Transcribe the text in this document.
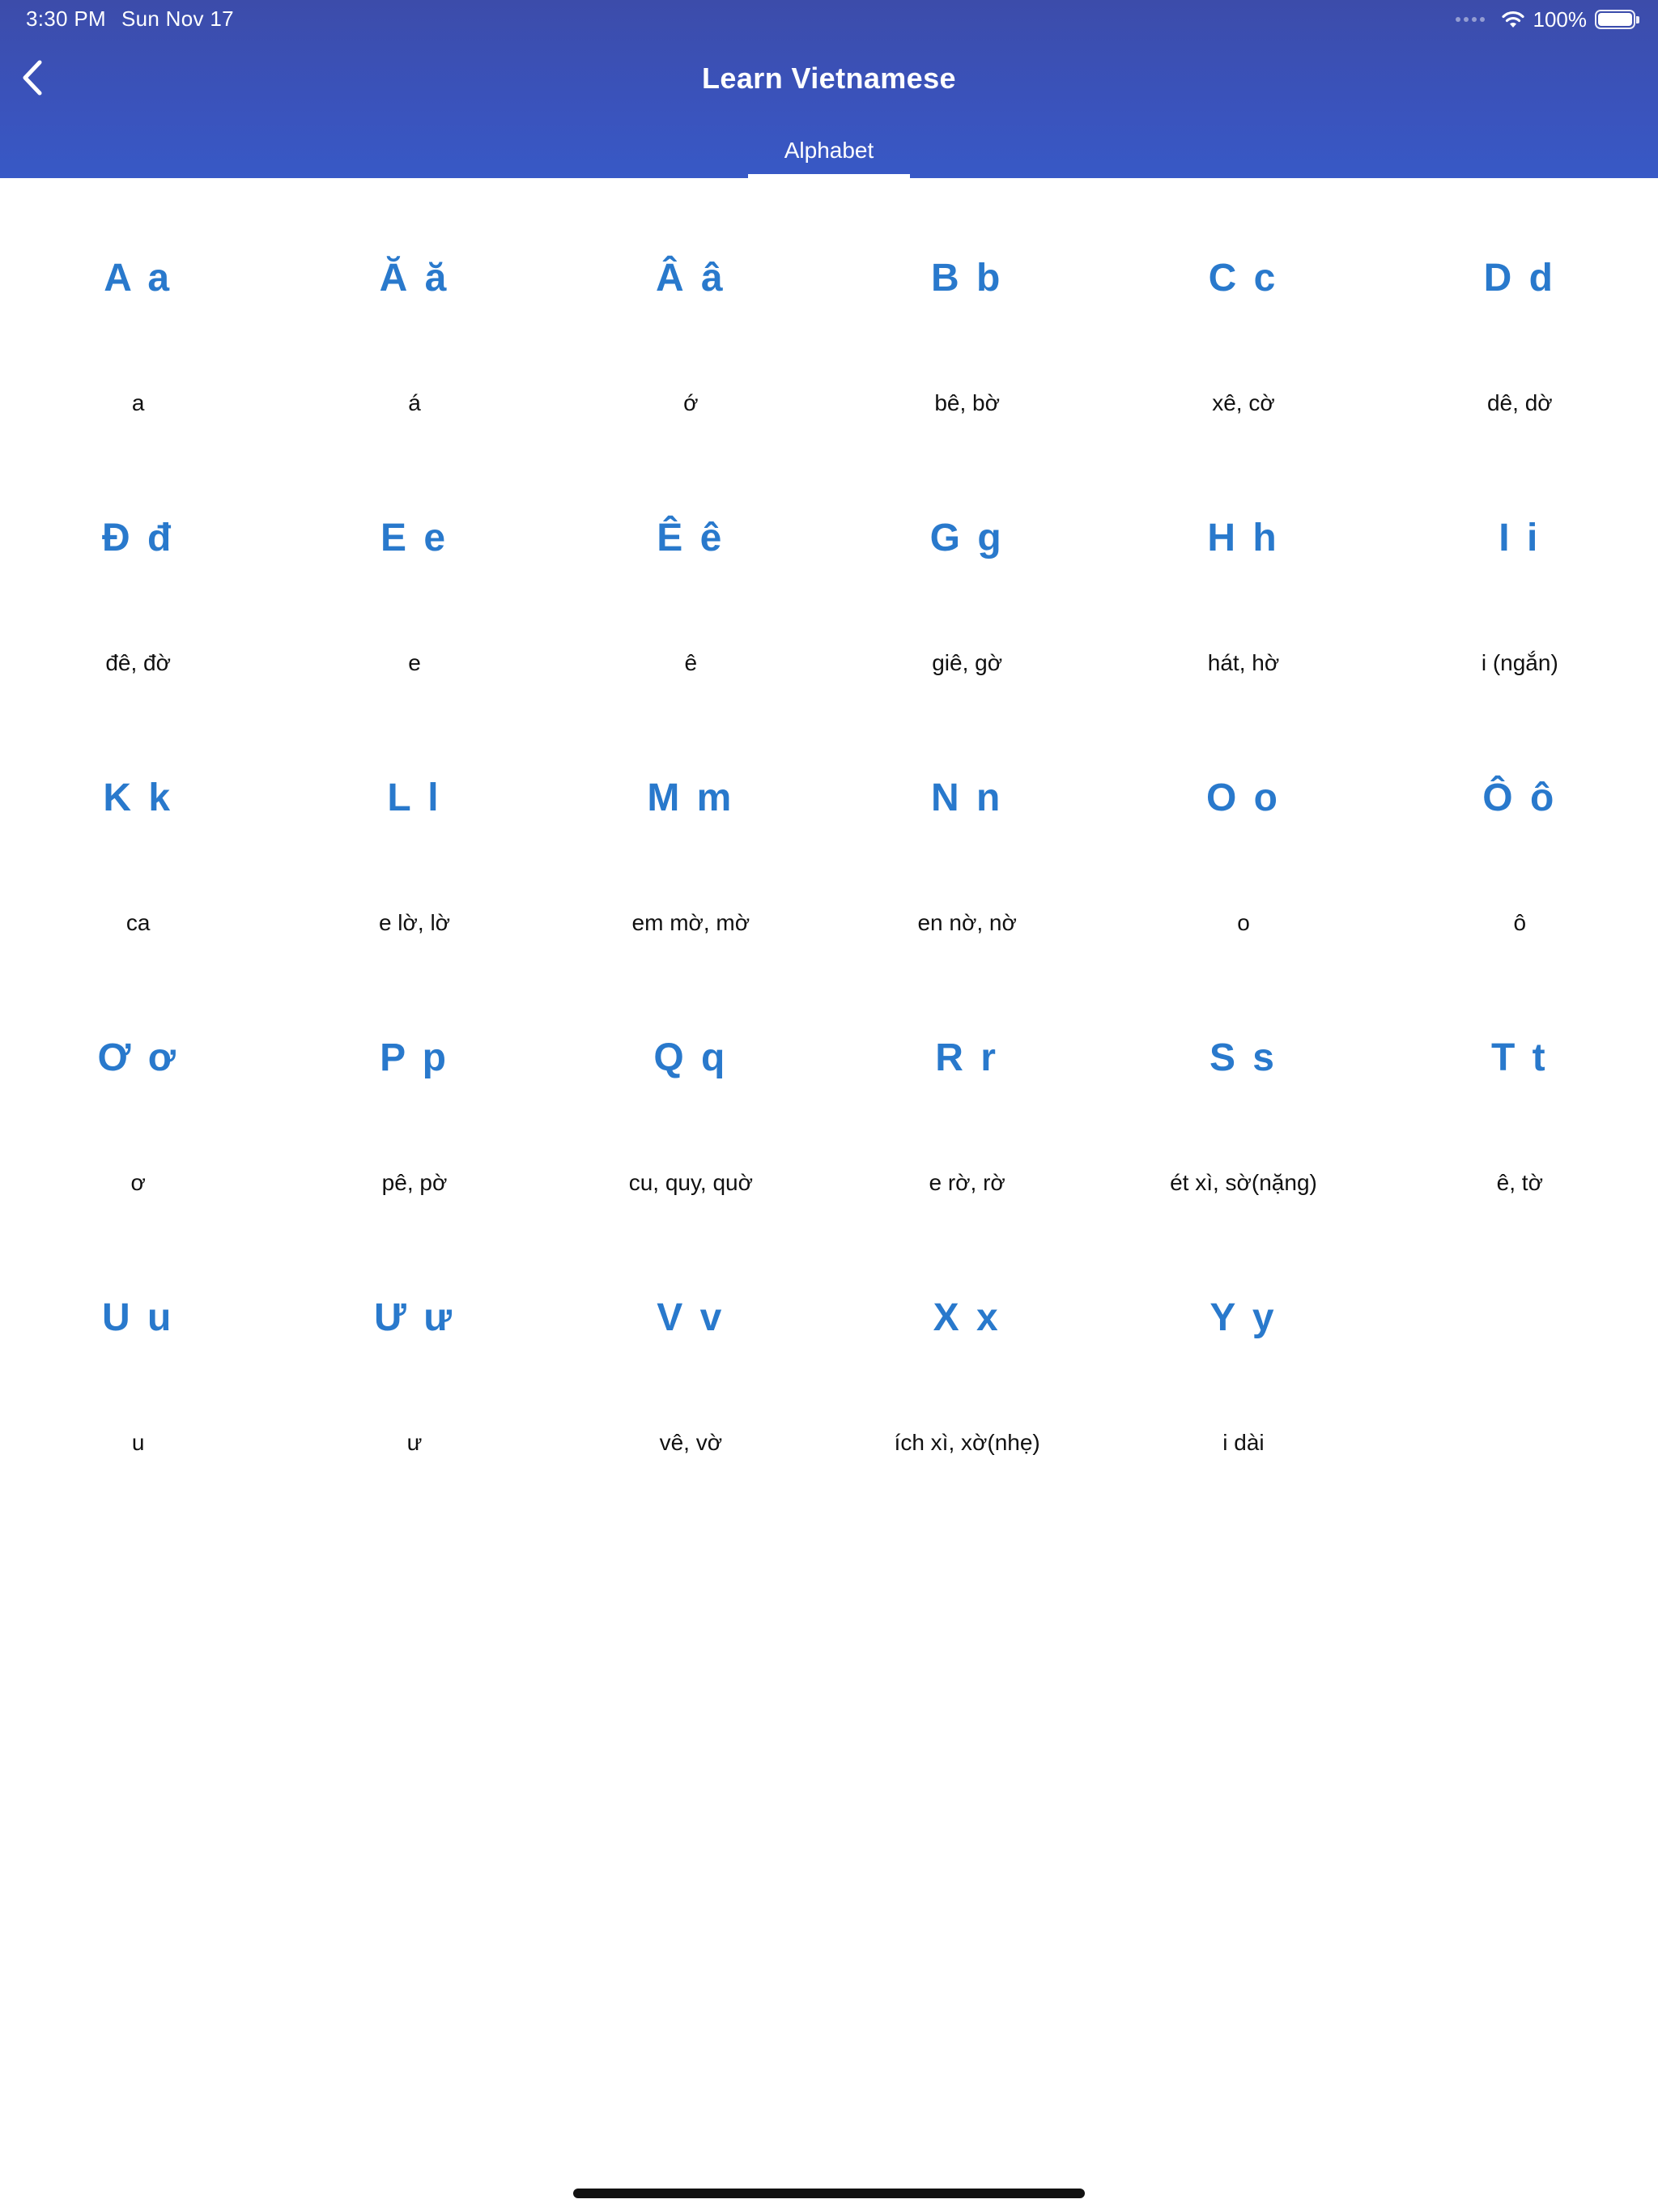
3:30 PM Sun Nov 17	100%
Learn Vietnamese
Alphabet
A a
a
Ă ă
á
Â â
ớ
B b
bê, bờ
C c
xê, cờ
D d
dê, dờ
Đ đ
đê, đờ
E e
e
Ê ê
ê
G g
giê, gờ
H h
hát, hờ
I i
i (ngắn)
K k
ca
L l
e lờ, lờ
M m
em mờ, mờ
N n
en nờ, nờ
O o
o
Ô ô
ô
Ơ ơ
ơ
P p
pê, pờ
Q q
cu, quy, quờ
R r
e rờ, rờ
S s
ét xì, sờ(nặng)
T t
ê, tờ
U u
u
Ư ư
ư
V v
vê, vờ
X x
ích xì, xờ(nhẹ)
Y y
i dài
